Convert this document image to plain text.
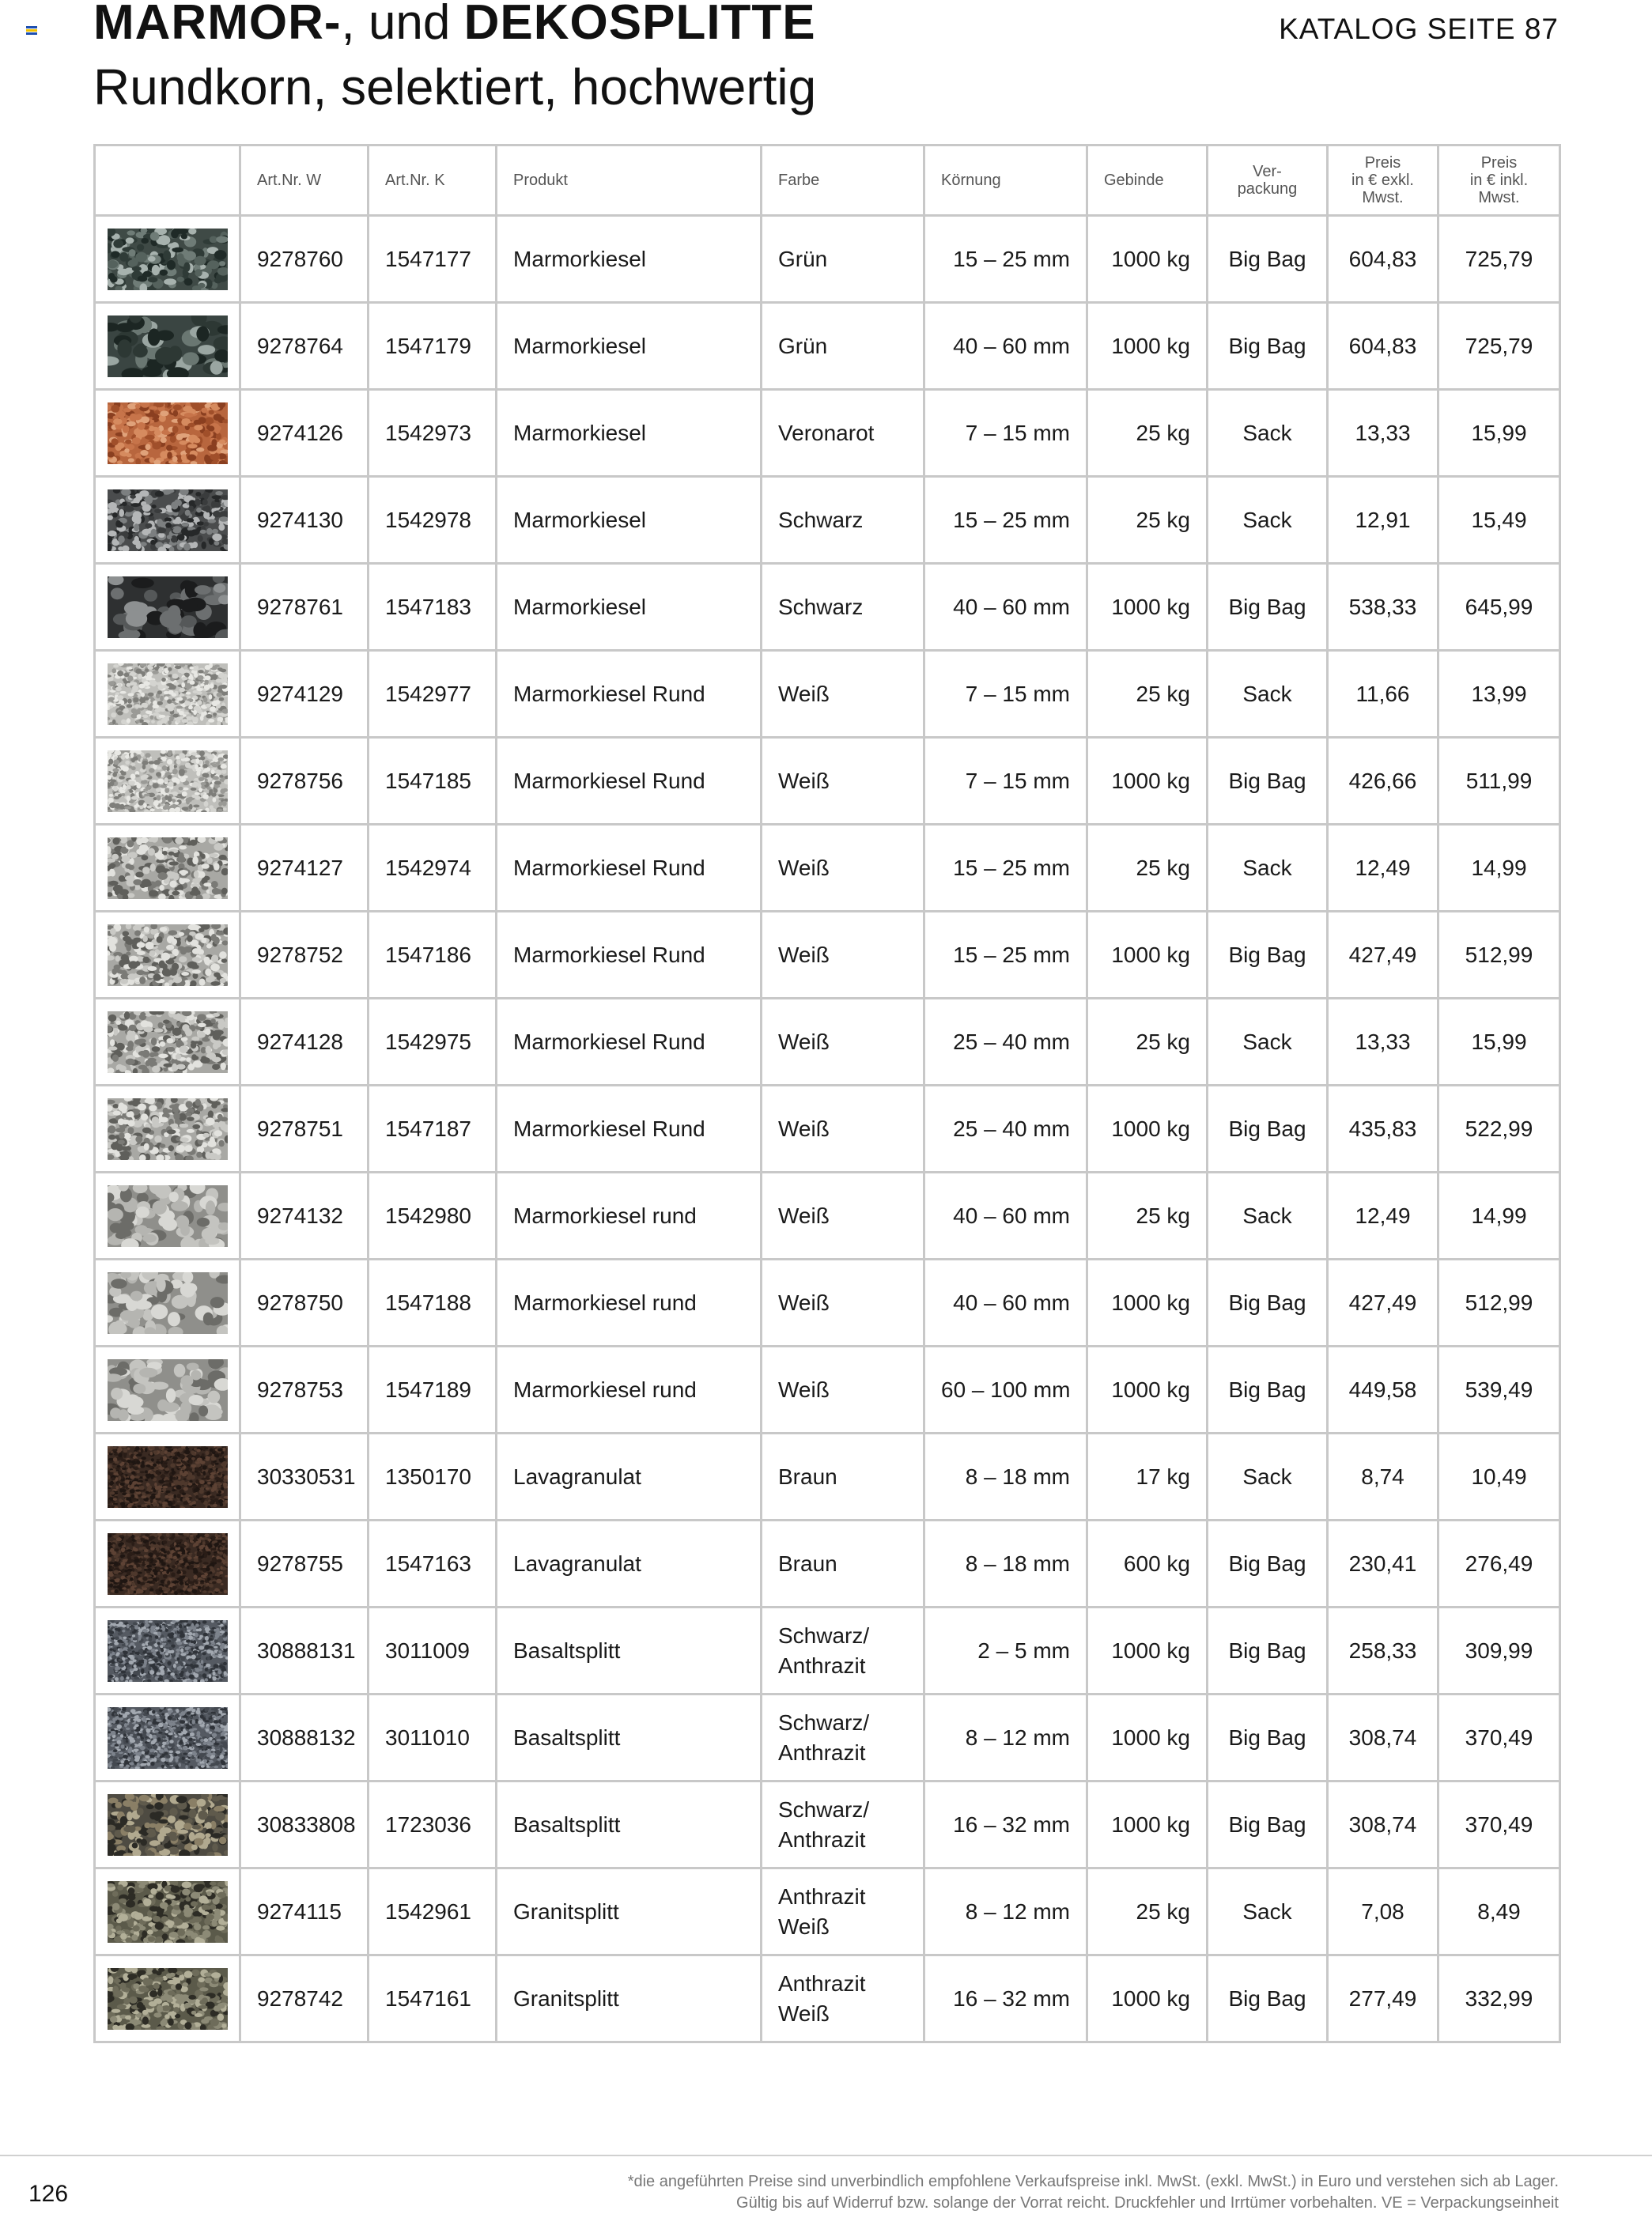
MARMOR-, und DEKOSPLITTE
Rundkorn, selektiert, hochwertig
KATALOG SEITE 87
	Art.Nr. W	Art.Nr. K	Produkt	Farbe	Körnung	Gebinde	Ver-
packung	Preis
in € exkl.
Mwst.	Preis
in € inkl.
Mwst.

	9278760	1547177	Marmorkiesel	Grün	15 – 25 mm	1000 kg	Big Bag	604,83	725,79

	9278764	1547179	Marmorkiesel	Grün	40 – 60 mm	1000 kg	Big Bag	604,83	725,79

	9274126	1542973	Marmorkiesel	Veronarot	7 – 15 mm	25 kg	Sack	13,33	15,99

	9274130	1542978	Marmorkiesel	Schwarz	15 – 25 mm	25 kg	Sack	12,91	15,49

	9278761	1547183	Marmorkiesel	Schwarz	40 – 60 mm	1000 kg	Big Bag	538,33	645,99

	9274129	1542977	Marmorkiesel Rund	Weiß	7 – 15 mm	25 kg	Sack	11,66	13,99

	9278756	1547185	Marmorkiesel Rund	Weiß	7 – 15 mm	1000 kg	Big Bag	426,66	511,99

	9274127	1542974	Marmorkiesel Rund	Weiß	15 – 25 mm	25 kg	Sack	12,49	14,99

	9278752	1547186	Marmorkiesel Rund	Weiß	15 – 25 mm	1000 kg	Big Bag	427,49	512,99

	9274128	1542975	Marmorkiesel Rund	Weiß	25 – 40 mm	25 kg	Sack	13,33	15,99

	9278751	1547187	Marmorkiesel Rund	Weiß	25 – 40 mm	1000 kg	Big Bag	435,83	522,99

	9274132	1542980	Marmorkiesel rund	Weiß	40 – 60 mm	25 kg	Sack	12,49	14,99

	9278750	1547188	Marmorkiesel rund	Weiß	40 – 60 mm	1000 kg	Big Bag	427,49	512,99

	9278753	1547189	Marmorkiesel rund	Weiß	60 – 100 mm	1000 kg	Big Bag	449,58	539,49

	30330531	1350170	Lavagranulat	Braun	8 – 18 mm	17 kg	Sack	8,74	10,49

	9278755	1547163	Lavagranulat	Braun	8 – 18 mm	600 kg	Big Bag	230,41	276,49

	30888131	3011009	Basaltsplitt	Schwarz/ Anthrazit	2 – 5 mm	1000 kg	Big Bag	258,33	309,99

	30888132	3011010	Basaltsplitt	Schwarz/ Anthrazit	8 – 12 mm	1000 kg	Big Bag	308,74	370,49

	30833808	1723036	Basaltsplitt	Schwarz/ Anthrazit	16 – 32 mm	1000 kg	Big Bag	308,74	370,49

	9274115	1542961	Granitsplitt	Anthrazit Weiß	8 – 12 mm	25 kg	Sack	7,08	8,49

	9278742	1547161	Granitsplitt	Anthrazit Weiß	16 – 32 mm	1000 kg	Big Bag	277,49	332,99
126	*die angeführten Preise sind unverbindlich empfohlene Verkaufspreise inkl. MwSt. (exkl. MwSt.) in Euro und verstehen sich ab Lager.
Gültig bis auf Widerruf bzw. solange der Vorrat reicht. Druckfehler und Irrtümer vorbehalten. VE = Verpackungseinheit
